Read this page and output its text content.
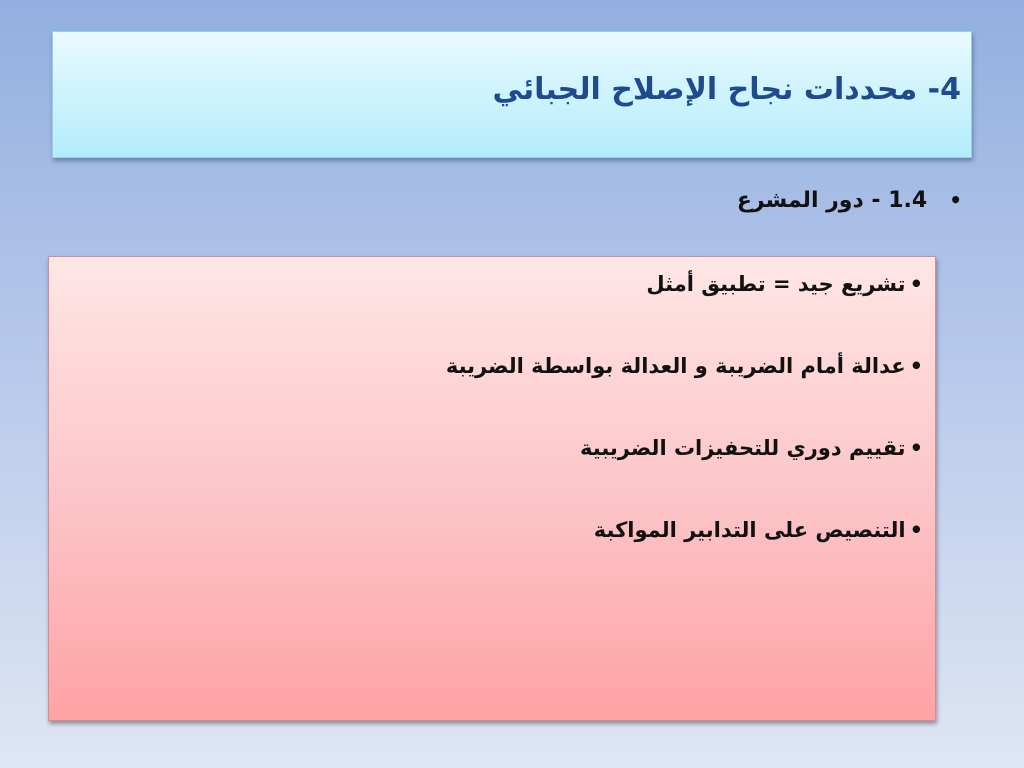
4- محددات نجاح الإصلاح الجبائي
•1.4 - دور المشرع
•تشريع جيد = تطبيق أمثل
•عدالة أمام الضريبة و العدالة بواسطة الضريبة
•تقييم دوري للتحفيزات الضريبية
•التنصيص على التدابير المواكبة
